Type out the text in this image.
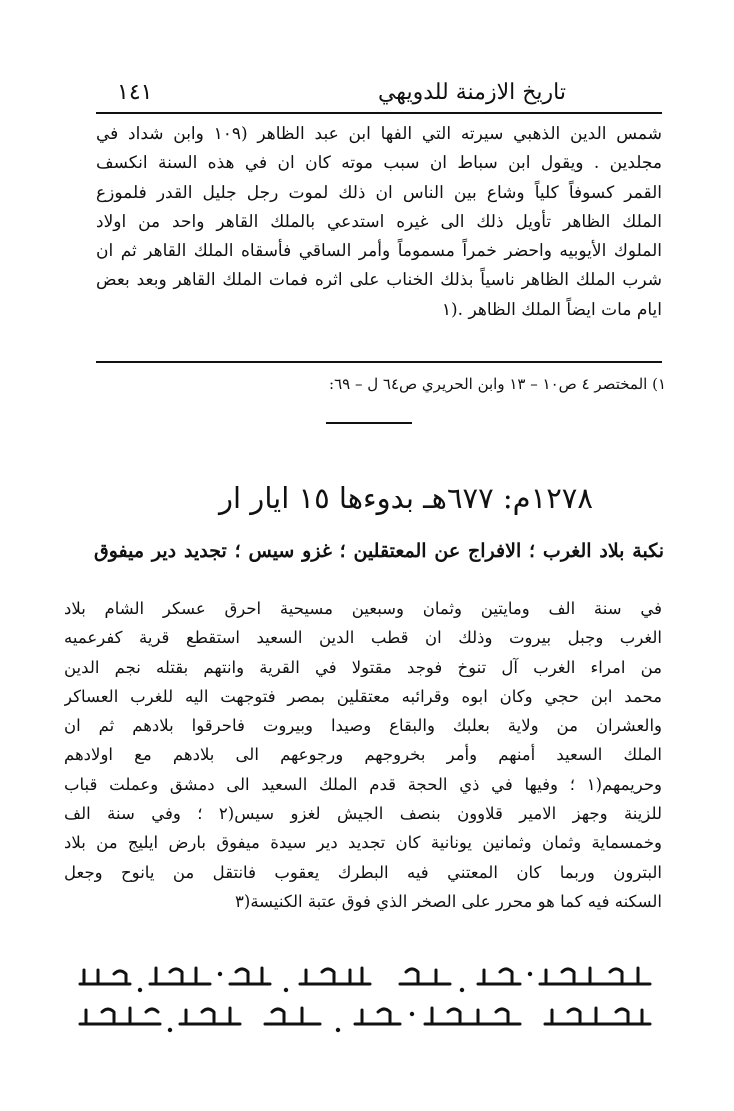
تاريخ الازمنة للدويهي
١٤١
شمس الدين الذهبي سيرته التي الفها ابن عبد الظاهر (١٠٩ وابن شداد في
مجلدين . ويقول ابن سباط ان سبب موته كان ان في هذه السنة انكسف
القمر كسوفاً كلياً وشاع بين الناس ان ذلك لموت رجل جليل القدر فلموزع
الملك الظاهر تأويل ذلك الى غيره استدعي بالملك القاهر واحد من اولاد
الملوك الأيوبيه واحضر خمراً مسموماً وأمر الساقي فأسقاه الملك القاهر ثم ان
شرب الملك الظاهر ناسياً بذلك الخناب على اثره فمات الملك القاهر وبعد بعض
ايام مات ايضاً الملك الظاهر .(١
١) المختصر ٤ ص١٠ – ١٣ وابن الحريري ص٦٤ ل – ٦٩:
١٢٧٨م: ٦٧٧هـ بدوءها ١٥ ايار ار
نكبة بلاد الغرب ؛ الافراج عن المعتقلين ؛ غزو سيس ؛ تجديد دير ميفوق
في سنة الف ومايتين وثمان وسبعين مسيحية احرق عسكر الشام بلاد
الغرب وجبل بيروت وذلك ان قطب الدين السعيد استقطع قرية كفرعميه
من امراء الغرب آل تنوخ فوجد مقتولا في القرية وانتهم بقتله نجم الدين
محمد ابن حجي وكان ابوه وقرائبه معتقلين بمصر فتوجهت اليه للغرب العساكر
والعشران من ولاية بعلبك والبقاع وصيدا وبيروت فاحرقوا بلادهم ثم ان
الملك السعيد أمنهم وأمر بخروجهم ورجوعهم الى بلادهم مع اولادهم
وحريمهم(١ ؛ وفيها في ذي الحجة قدم الملك السعيد الى دمشق وعملت قباب
للزينة وجهز الامير قلاوون بنصف الجيش لغزو سيس(٢ ؛ وفي سنة الف
وخمسماية وثمان وثمانين يونانية كان تجديد دير سيدة ميفوق بارض ايليج من بلاد
البترون وربما كان المعتني فيه البطرك يعقوب فانتقل من يانوح وجعل
السكنه فيه كما هو محرر على الصخر الذي فوق عتبة الكنيسة(٣
